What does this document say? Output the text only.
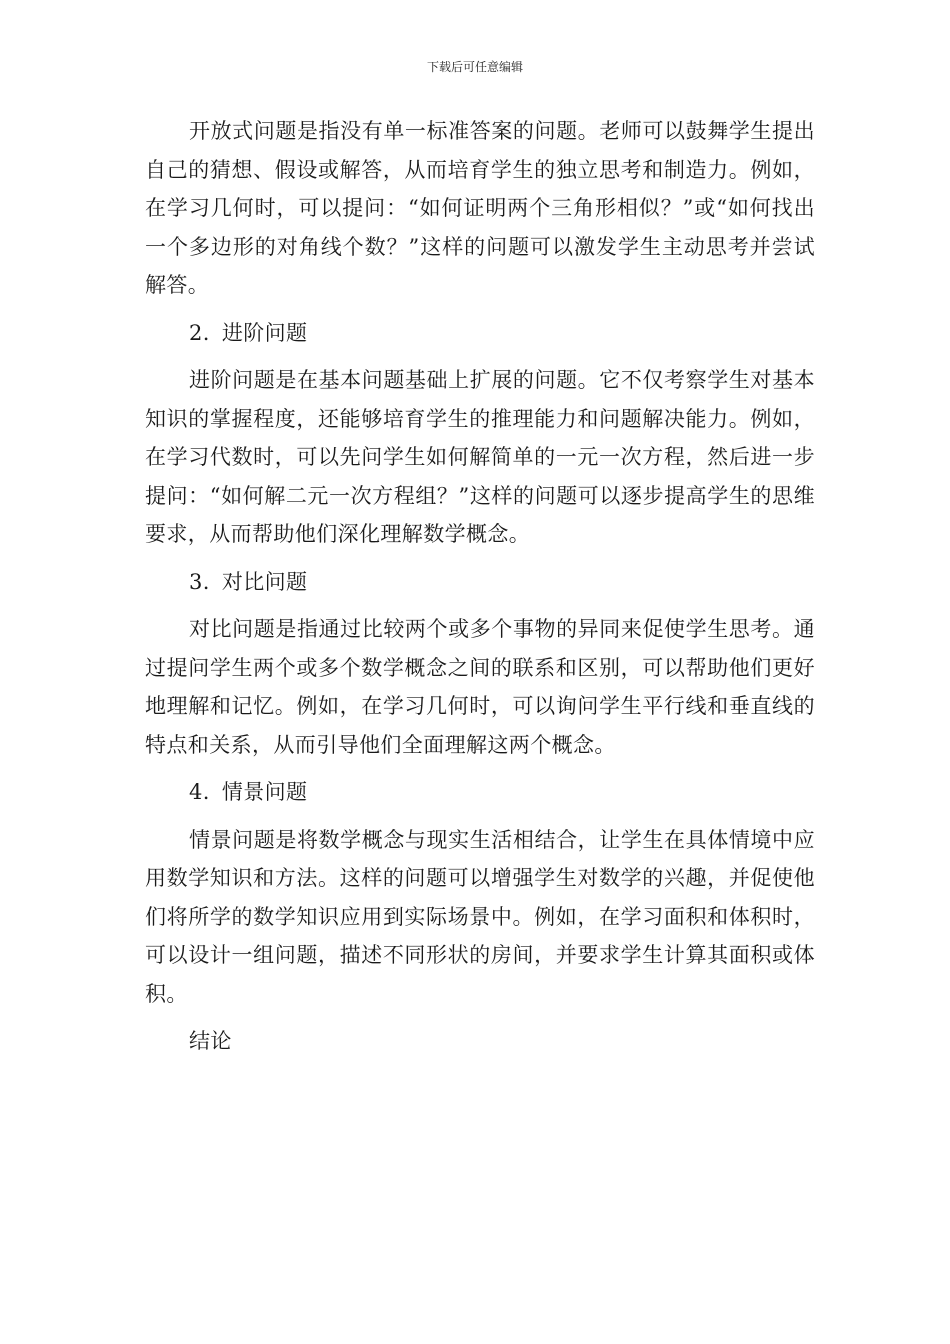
下载后可任意编辑

开放式问题是指没有单一标准答案的问题。老师可以鼓舞学生提出自己的猜想、假设或解答，从而培育学生的独立思考和制造力。例如，在学习几何时，可以提问：“如何证明两个三角形相似？”或“如何找出一个多边形的对角线个数？”这样的问题可以激发学生主动思考并尝试解答。

2. 进阶问题

进阶问题是在基本问题基础上扩展的问题。它不仅考察学生对基本知识的掌握程度，还能够培育学生的推理能力和问题解决能力。例如，在学习代数时，可以先问学生如何解简单的一元一次方程，然后进一步提问：“如何解二元一次方程组？”这样的问题可以逐步提高学生的思维要求，从而帮助他们深化理解数学概念。

3. 对比问题

对比问题是指通过比较两个或多个事物的异同来促使学生思考。通过提问学生两个或多个数学概念之间的联系和区别，可以帮助他们更好地理解和记忆。例如，在学习几何时，可以询问学生平行线和垂直线的特点和关系，从而引导他们全面理解这两个概念。

4. 情景问题

情景问题是将数学概念与现实生活相结合，让学生在具体情境中应用数学知识和方法。这样的问题可以增强学生对数学的兴趣，并促使他们将所学的数学知识应用到实际场景中。例如，在学习面积和体积时，可以设计一组问题，描述不同形状的房间，并要求学生计算其面积或体积。

结论
